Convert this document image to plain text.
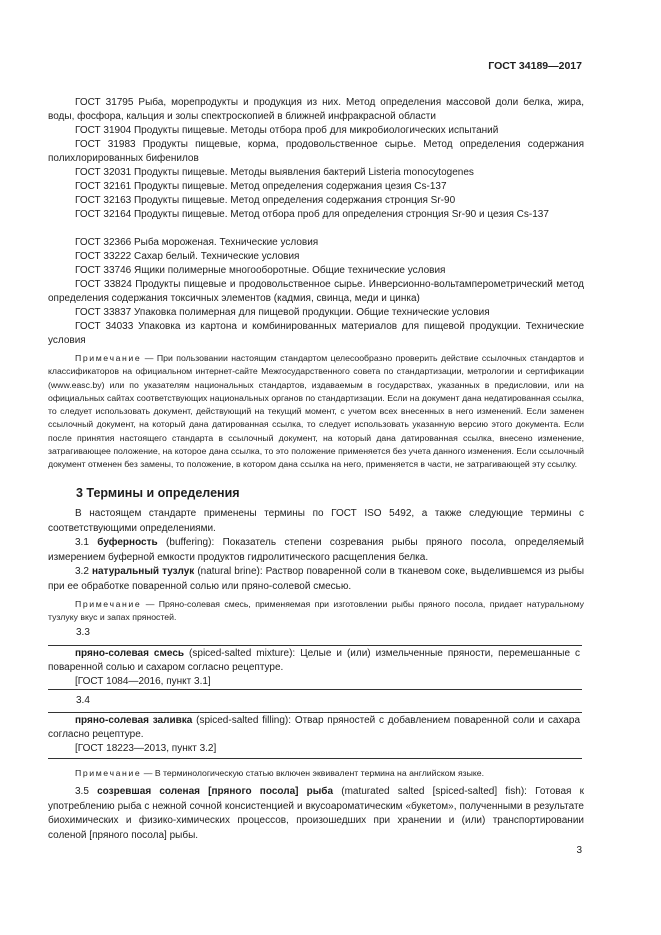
ГОСТ 34189—2017
ГОСТ 31795 Рыба, морепродукты и продукция из них. Метод определения массовой доли белка, жира, воды, фосфора, кальция и золы спектроскопией в ближней инфракрасной области
ГОСТ 31904 Продукты пищевые. Методы отбора проб для микробиологических испытаний
ГОСТ 31983 Продукты пищевые, корма, продовольственное сырье. Метод определения содержания полихлорированных бифенилов
ГОСТ 32031 Продукты пищевые. Методы выявления бактерий Listeria monocytogenes
ГОСТ 32161 Продукты пищевые. Метод определения содержания цезия Cs-137
ГОСТ 32163 Продукты пищевые. Метод определения содержания стронция Sr-90
ГОСТ 32164 Продукты пищевые. Метод отбора проб для определения стронция Sr-90 и цезия Cs-137
ГОСТ 32366 Рыба мороженая. Технические условия
ГОСТ 33222 Сахар белый. Технические условия
ГОСТ 33746 Ящики полимерные многооборотные. Общие технические условия
ГОСТ 33824 Продукты пищевые и продовольственное сырье. Инверсионно-вольтамперометрический метод определения содержания токсичных элементов (кадмия, свинца, меди и цинка)
ГОСТ 33837 Упаковка полимерная для пищевой продукции. Общие технические условия
ГОСТ 34033 Упаковка из картона и комбинированных материалов для пищевой продукции. Технические условия
Примечание — При пользовании настоящим стандартом целесообразно проверить действие ссылочных стандартов и классификаторов на официальном интернет-сайте Межгосударственного совета по стандартизации, метрологии и сертификации (www.easc.by) или по указателям национальных стандартов, издаваемым в государствах, указанных в предисловии, или на официальных сайтах соответствующих национальных органов по стандартизации. Если на документ дана недатированная ссылка, то следует использовать документ, действующий на текущий момент, с учетом всех внесенных в него изменений. Если заменен ссылочный документ, на который дана датированная ссылка, то следует использовать указанную версию этого документа. Если после принятия настоящего стандарта в ссылочный документ, на который дана датированная ссылка, внесено изменение, затрагивающее положение, на которое дана ссылка, то это положение применяется без учета данного изменения. Если ссылочный документ отменен без замены, то положение, в котором дана ссылка на него, применяется в части, не затрагивающей эту ссылку.
3 Термины и определения
В настоящем стандарте применены термины по ГОСТ ISO 5492, а также следующие термины с соответствующими определениями.
3.1 буферность (buffering): Показатель степени созревания рыбы пряного посола, определяемый измерением буферной емкости продуктов гидролитического расщепления белка.
3.2 натуральный тузлук (natural brine): Раствор поваренной соли в тканевом соке, выделившемся из рыбы при ее обработке поваренной солью или пряно-солевой смесью.
Примечание — Пряно-солевая смесь, применяемая при изготовлении рыбы пряного посола, придает натуральному тузлуку вкус и запах пряностей.
3.3
пряно-солевая смесь (spiced-salted mixture): Целые и (или) измельченные пряности, перемешанные с поваренной солью и сахаром согласно рецептуре.
[ГОСТ 1084—2016, пункт 3.1]
3.4
пряно-солевая заливка (spiced-salted filling): Отвар пряностей с добавлением поваренной соли и сахара согласно рецептуре.
[ГОСТ 18223—2013, пункт 3.2]
Примечание — В терминологическую статью включен эквивалент термина на английском языке.
3.5 созревшая соленая [пряного посола] рыба (maturated salted [spiced-salted] fish): Готовая к употреблению рыба с нежной сочной консистенцией и вкусоароматическим «букетом», полученными в результате биохимических и физико-химических процессов, произошедших при хранении и (или) транспортировании соленой [пряного посола] рыбы.
3
